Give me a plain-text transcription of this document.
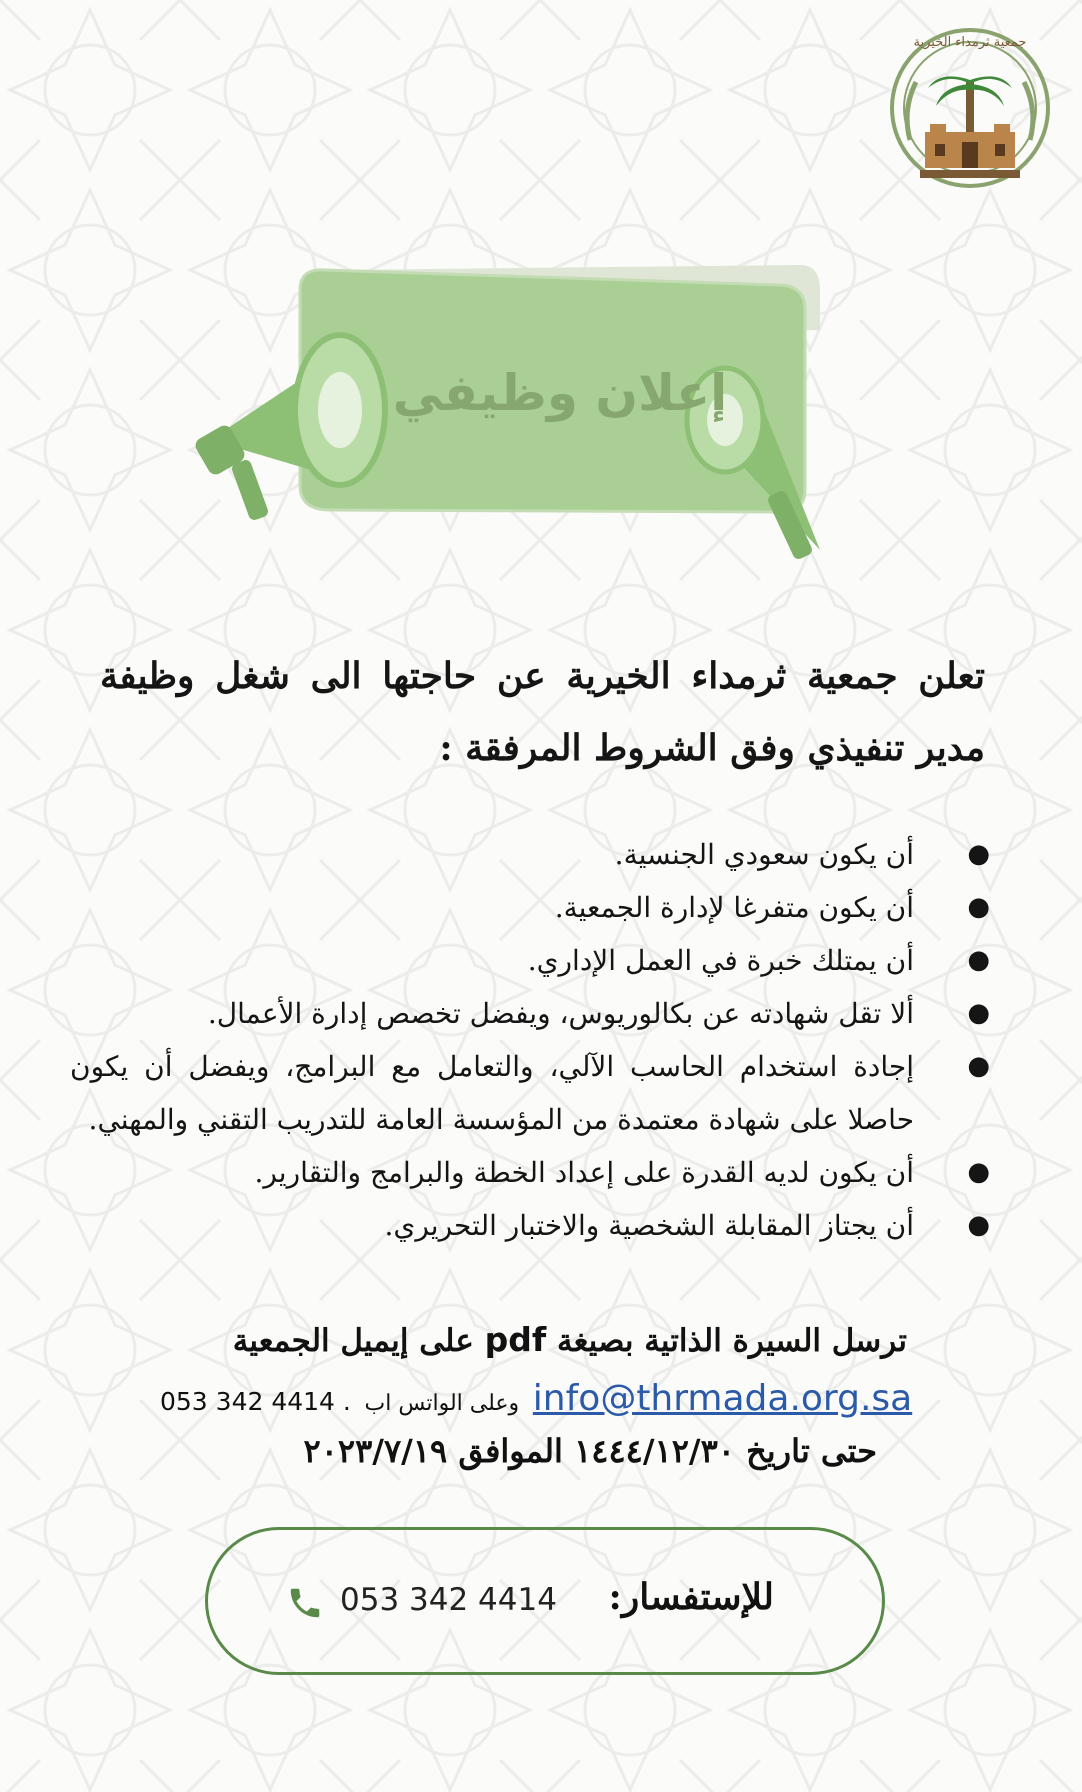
جمعية ثرمداء الخيرية
إعلان وظيفي
تعلن جمعية ثرمداء الخيرية عن حاجتها الى شغل وظيفة مدير تنفيذي وفق الشروط المرفقة :
●
أن يكون سعودي الجنسية.
●
أن يكون متفرغا لإدارة الجمعية.
●
أن يمتلك خبرة في العمل الإداري.
●
ألا تقل شهادته عن بكالوريوس، ويفضل تخصص إدارة الأعمال.
●
إجادة استخدام الحاسب الآلي، والتعامل مع البرامج، ويفضل أن يكون حاصلا على شهادة معتمدة من المؤسسة العامة للتدريب التقني والمهني.
●
أن يكون لديه القدرة على إعداد الخطة والبرامج والتقارير.
●
أن يجتاز المقابلة الشخصية والاختبار التحريري.
ترسل السيرة الذاتية بصيغة pdf على إيميل الجمعية
053 342 4414 . وعلى الواتس اب info@thrmada.org.sa
حتى تاريخ ١٤٤٤/١٢/٣٠ الموافق ٢٠٢٣/٧/١٩
للإستفسار:
053 342 4414
